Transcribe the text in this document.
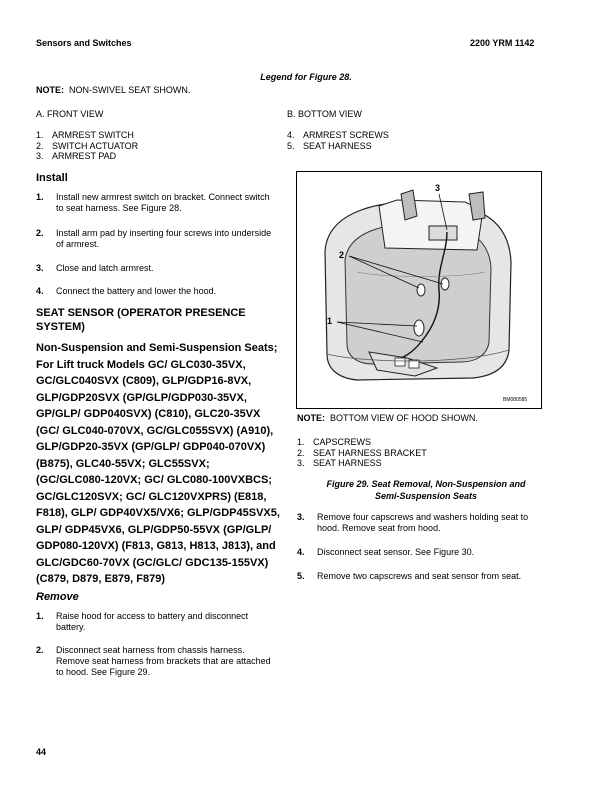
Sensors and Switches	2200 YRM 1142
Legend for Figure 28.
NOTE: NON-SWIVEL SEAT SHOWN.
A. FRONT VIEW	B. BOTTOM VIEW
1. ARMREST SWITCH
2. SWITCH ACTUATOR
3. ARMREST PAD
4. ARMREST SCREWS
5. SEAT HARNESS
Install
1. Install new armrest switch on bracket. Connect switch to seat harness. See Figure 28.
2. Install arm pad by inserting four screws into underside of armrest.
3. Close and latch armrest.
4. Connect the battery and lower the hood.
SEAT SENSOR (OPERATOR PRESENCE SYSTEM)
Non-Suspension and Semi-Suspension Seats; For Lift truck Models GC/ GLC030-35VX, GC/GLC040SVX (C809), GLP/GDP16-8VX, GLP/GDP20SVX (GP/GLP/GDP030-35VX, GP/GLP/ GDP040SVX) (C810), GLC20-35VX (GC/ GLC040-070VX, GC/GLC055SVX) (A910), GLP/GDP20-35VX (GP/GLP/ GDP040-070VX) (B875), GLC40-55VX; GLC55SVX; (GC/GLC080-120VX; GC/ GLC080-100VXBCS; GC/GLC120SVX; GC/ GLC120VXPRS) (E818, F818), GLP/ GDP40VX5/VX6; GLP/GDP45SVX5, GLP/ GDP45VX6, GLP/GDP50-55VX (GP/GLP/ GDP080-120VX) (F813, G813, H813, J813), and GLC/GDC60-70VX (GC/GLC/ GDC135-155VX) (C879, D879, E879, F879)
Remove
1. Raise hood for access to battery and disconnect battery.
2. Disconnect seat harness from chassis harness. Remove seat harness from brackets that are attached to hood. See Figure 29.
3
2
1
BM080585
NOTE: BOTTOM VIEW OF HOOD SHOWN.
1. CAPSCREWS
2. SEAT HARNESS BRACKET
3. SEAT HARNESS
Figure 29. Seat Removal, Non-Suspension and Semi-Suspension Seats
3. Remove four capscrews and washers holding seat to hood. Remove seat from hood.
4. Disconnect seat sensor. See Figure 30.
5. Remove two capscrews and seat sensor from seat.
44
